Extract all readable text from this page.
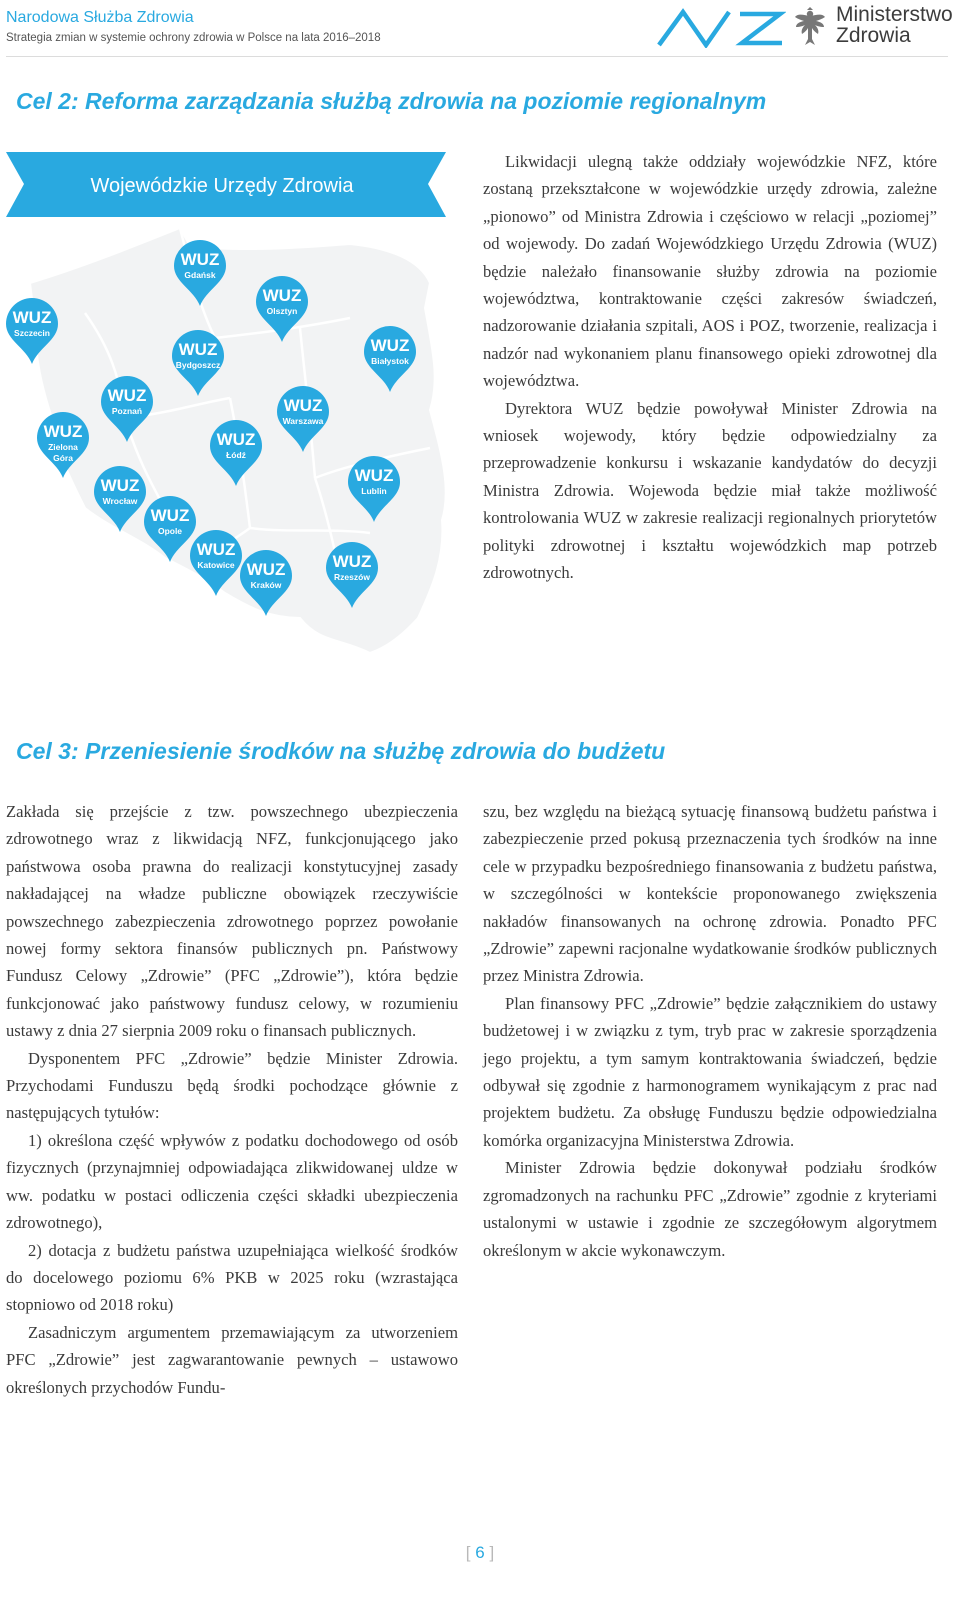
Narodowa Służba Zdrowia
Strategia zmian w systemie ochrony zdrowia w Polsce na lata 2016–2018
Ministerstwo
Zdrowia
Cel 2: Reforma zarządzania służbą zdrowia na poziomie regionalnym
Wojewódzkie Urzędy Zdrowia
WUZ
Szczecin
WUZ
Gdańsk
WUZ
Olsztyn
WUZ
Bydgoszcz
WUZ
Białystok
WUZ
Poznań
WUZ
Zielona
Góra
WUZ
Warszawa
WUZ
Łódź
WUZ
Wrocław
WUZ
Lublin
WUZ
Opole
WUZ
Katowice WUZ
Kraków
WUZ
Rzeszów

Likwidacji ulegną także oddziały wojewódzkie NFZ, które zostaną przekształcone w wojewódzkie urzędy zdrowia, zależne „pionowo” od Ministra Zdrowia i częściowo w relacji „poziomej” od wojewody. Do zadań Wojewódzkiego Urzędu Zdrowia (WUZ) będzie należało finansowanie służby zdrowia na poziomie województwa, kontraktowanie części zakresów świadczeń, nadzorowanie działania szpitali, AOS i POZ, tworzenie, realizacja i nadzór nad wykonaniem planu finansowego opieki zdrowotnej dla województwa.

Dyrektora WUZ będzie powoływał Minister Zdrowia na wniosek wojewody, który będzie odpowiedzialny za przeprowadzenie konkursu i wskazanie kandydatów do decyzji Ministra Zdrowia. Wojewoda będzie miał także możliwość kontrolowania WUZ w zakresie realizacji regionalnych priorytetów polityki zdrowotnej i kształtu wojewódzkich map potrzeb zdrowotnych.

Cel 3: Przeniesienie środków na służbę zdrowia do budżetu

Zakłada się przejście z tzw. powszechnego ubezpieczenia zdrowotnego wraz z likwidacją NFZ, funkcjonującego jako państwowa osoba prawna do realizacji konstytucyjnej zasady nakładającej na władze publiczne obowiązek rzeczywiście powszechnego zabezpieczenia zdrowotnego poprzez powołanie nowej formy sektora finansów publicznych pn. Państwowy Fundusz Celowy „Zdrowie” (PFC „Zdrowie”), która będzie funkcjonować jako państwowy fundusz celowy, w rozumieniu ustawy z dnia 27 sierpnia 2009 roku o finansach publicznych.

Dysponentem PFC „Zdrowie” będzie Minister Zdrowia. Przychodami Funduszu będą środki pochodzące głównie z następujących tytułów:

1) określona część wpływów z podatku dochodowego od osób fizycznych (przynajmniej odpowiadająca zlikwidowanej uldze w ww. podatku w postaci odliczenia części składki ubezpieczenia zdrowotnego),

2) dotacja z budżetu państwa uzupełniająca wielkość środków do docelowego poziomu 6% PKB w 2025 roku (wzrastająca stopniowo od 2018 roku)

Zasadniczym argumentem przemawiającym za utworzeniem PFC „Zdrowie” jest zagwarantowanie pewnych – ustawowo określonych przychodów Fundu-

szu, bez względu na bieżącą sytuację finansową budżetu państwa i zabezpieczenie przed pokusą przeznaczenia tych środków na inne cele w przypadku bezpośredniego finansowania z budżetu państwa, w szczególności w kontekście proponowanego zwiększenia nakładów finansowanych na ochronę zdrowia. Ponadto PFC „Zdrowie” zapewni racjonalne wydatkowanie środków publicznych przez Ministra Zdrowia.

Plan finansowy PFC „Zdrowie” będzie załącznikiem do ustawy budżetowej i w związku z tym, tryb prac w zakresie sporządzenia jego projektu, a tym samym kontraktowania świadczeń, będzie odbywał się zgodnie z harmonogramem wynikającym z prac nad projektem budżetu. Za obsługę Funduszu będzie odpowiedzialna komórka organizacyjna Ministerstwa Zdrowia.

Minister Zdrowia będzie dokonywał podziału środków zgromadzonych na rachunku PFC „Zdrowie” zgodnie z kryteriami ustalonymi w ustawie i zgodnie ze szczegółowym algorytmem określonym w akcie wykonawczym.

[ 6 ]
